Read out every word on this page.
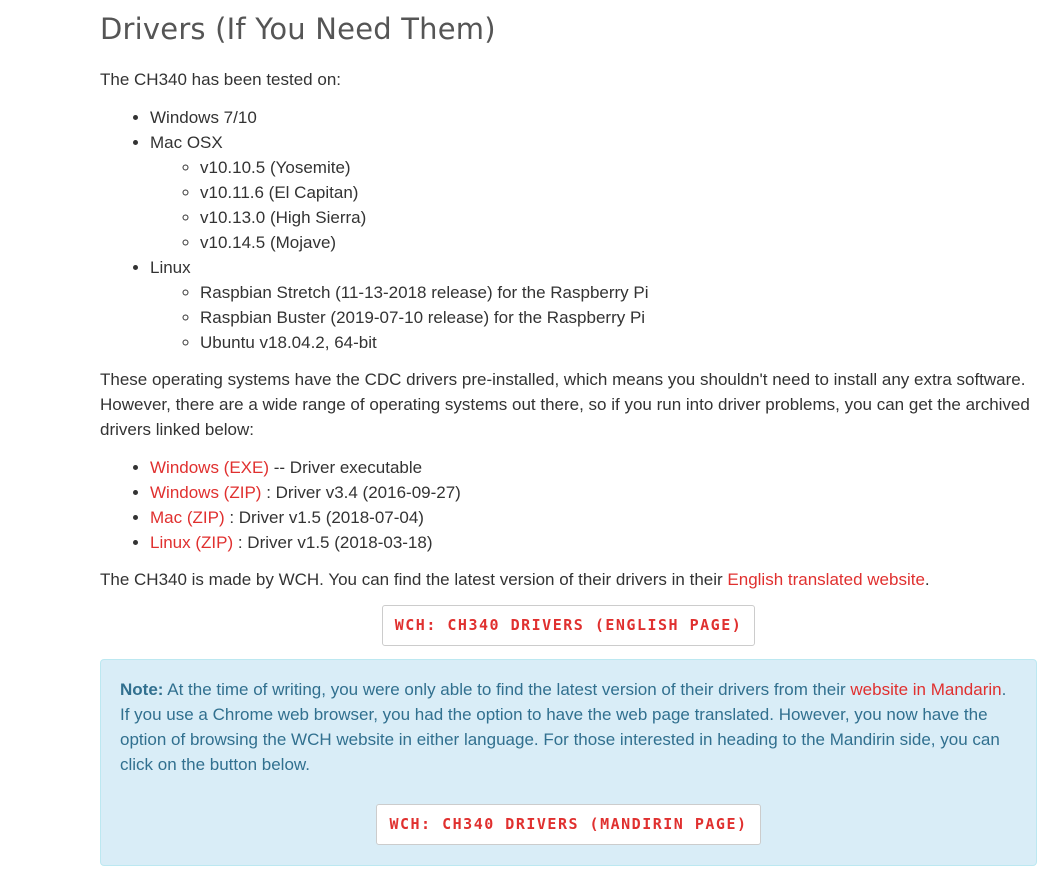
Drivers (If You Need Them)

The CH340 has been tested on:

• Windows 7/10
• Mac OSX
◦ v10.10.5 (Yosemite)
◦ v10.11.6 (El Capitan)
◦ v10.13.0 (High Sierra)
◦ v10.14.5 (Mojave)
• Linux
◦ Raspbian Stretch (11-13-2018 release) for the Raspberry Pi
◦ Raspbian Buster (2019-07-10 release) for the Raspberry Pi
◦ Ubuntu v18.04.2, 64-bit

These operating systems have the CDC drivers pre-installed, which means you shouldn't need to install any extra software. However, there are a wide range of operating systems out there, so if you run into driver problems, you can get the archived drivers linked below:

• Windows (EXE) -- Driver executable
• Windows (ZIP) : Driver v3.4 (2016-09-27)
• Mac (ZIP) : Driver v1.5 (2018-07-04)
• Linux (ZIP) : Driver v1.5 (2018-03-18)

The CH340 is made by WCH. You can find the latest version of their drivers in their English translated website.

WCH: CH340 DRIVERS (ENGLISH PAGE)

Note: At the time of writing, you were only able to find the latest version of their drivers from their website in Mandarin. If you use a Chrome web browser, you had the option to have the web page translated. However, you now have the option of browsing the WCH website in either language. For those interested in heading to the Mandirin side, you can click on the button below.

WCH: CH340 DRIVERS (MANDIRIN PAGE)
